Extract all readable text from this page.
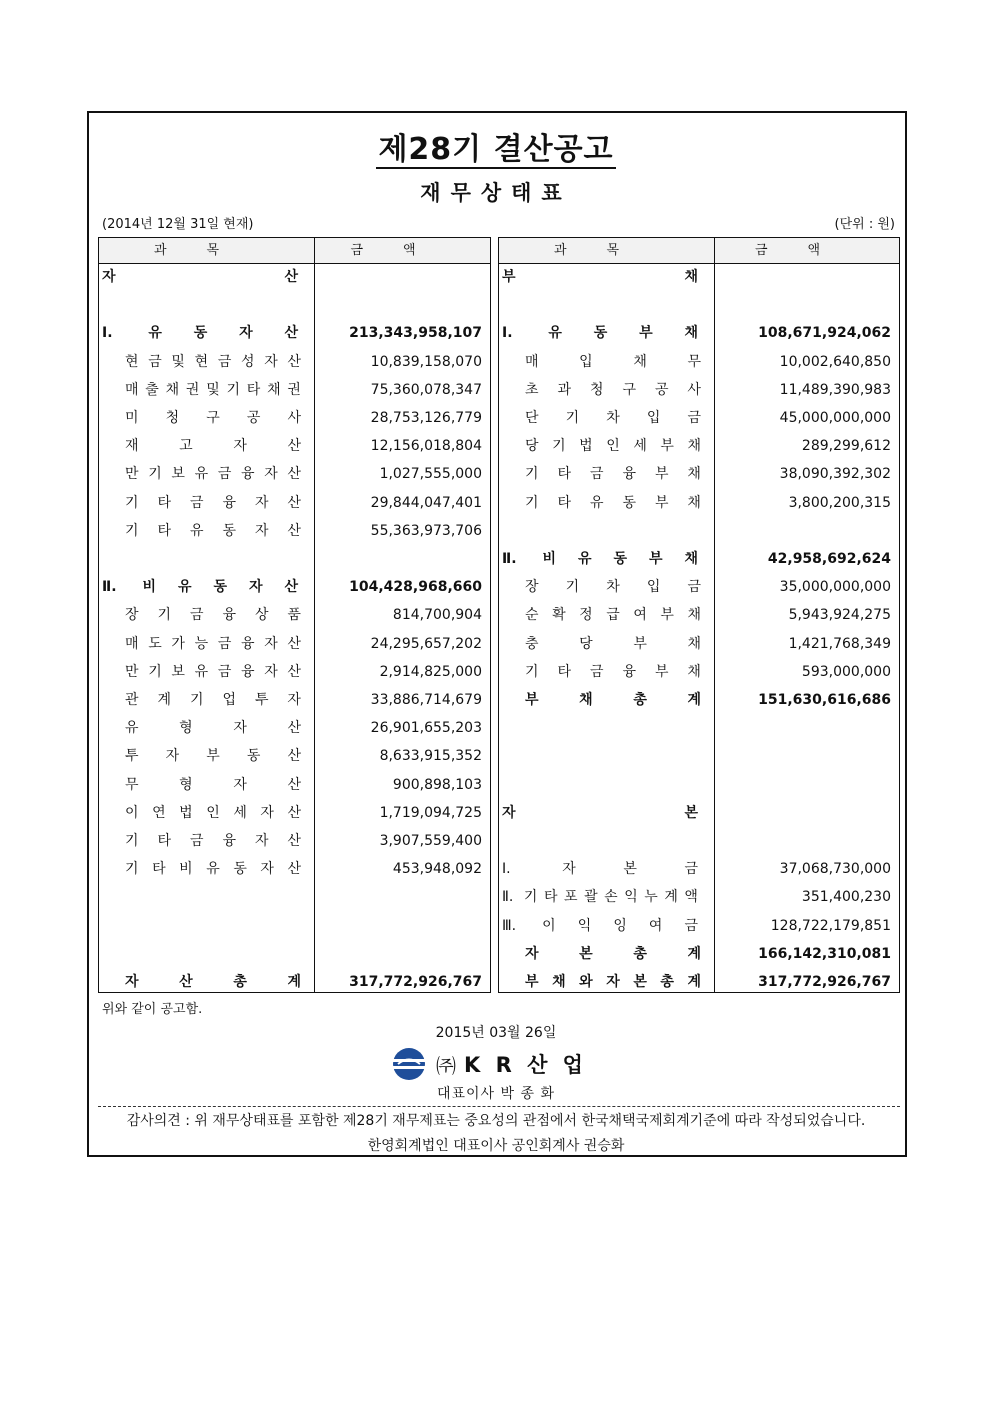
제28기 결산공고
재무상태표
(2014년 12월 31일 현재)	(단위 : 원)
과목	금액
자	산
Ⅰ.	유 동 자 산	213,343,958,107
현 금 및 현 금 성 자 산	10,839,158,070
매 출 채 권 및 기 타 채 권	75,360,078,347
미 청 구 공 사	28,753,126,779
재	고	자	산	12,156,018,804
만 기 보 유 금 융 자 산	1,027,555,000
기 타 금 융 자 산	29,844,047,401
기 타 유 동 자 산	55,363,973,706
Ⅱ. 비 유 동 자 산	104,428,968,660
장 기 금 융 상 품	814,700,904
매 도 가 능 금 융 자 산	24,295,657,202
만 기 보 유 금 융 자 산	2,914,825,000
관 계 기 업 투 자	33,886,714,679
유	형	자	산	26,901,655,203
투 자 부 동 산	8,633,915,352
무	형	자	산	900,898,103
이 연 법 인 세 자 산	1,719,094,725
기 타 금 융 자 산	3,907,559,400
기 타 비 유 동 자 산	453,948,092
자	산	총	계	317,772,926,767
과목	금액
부	채
Ⅰ.	유 동 부 채	108,671,924,062
매	입	채	무	10,002,640,850
초 과 청 구 공 사	11,489,390,983
단 기 차 입 금	45,000,000,000
당 기 법 인 세 부 채	289,299,612
기 타 금 융 부 채	38,090,392,302
기 타 유 동 부 채	3,800,200,315
Ⅱ. 비 유 동 부 채	42,958,692,624
장 기 차 입 금	35,000,000,000
순 확 정 급 여 부 채	5,943,924,275
충	당	부	채	1,421,768,349
기 타 금 융 부 채	593,000,000
부	채	총	계	151,630,616,686
자	본
Ⅰ.	자	본	금	37,068,730,000
Ⅱ. 기 타 포 괄 손 익 누 계 액	351,400,230
Ⅲ. 이 익 잉 여 금	128,722,179,851
자	본	총	계	166,142,310,081
부 채 와 자 본 총 계	317,772,926,767
위와 같이 공고함.
2015년 03월 26일
㈜ K R 산 업
대표이사 박 종 화
감사의견 : 위 재무상태표를 포함한 제28기 재무제표는 중요성의 관점에서 한국채택국제회계기준에 따라 작성되었습니다.
한영회계법인 대표이사 공인회계사 권승화
